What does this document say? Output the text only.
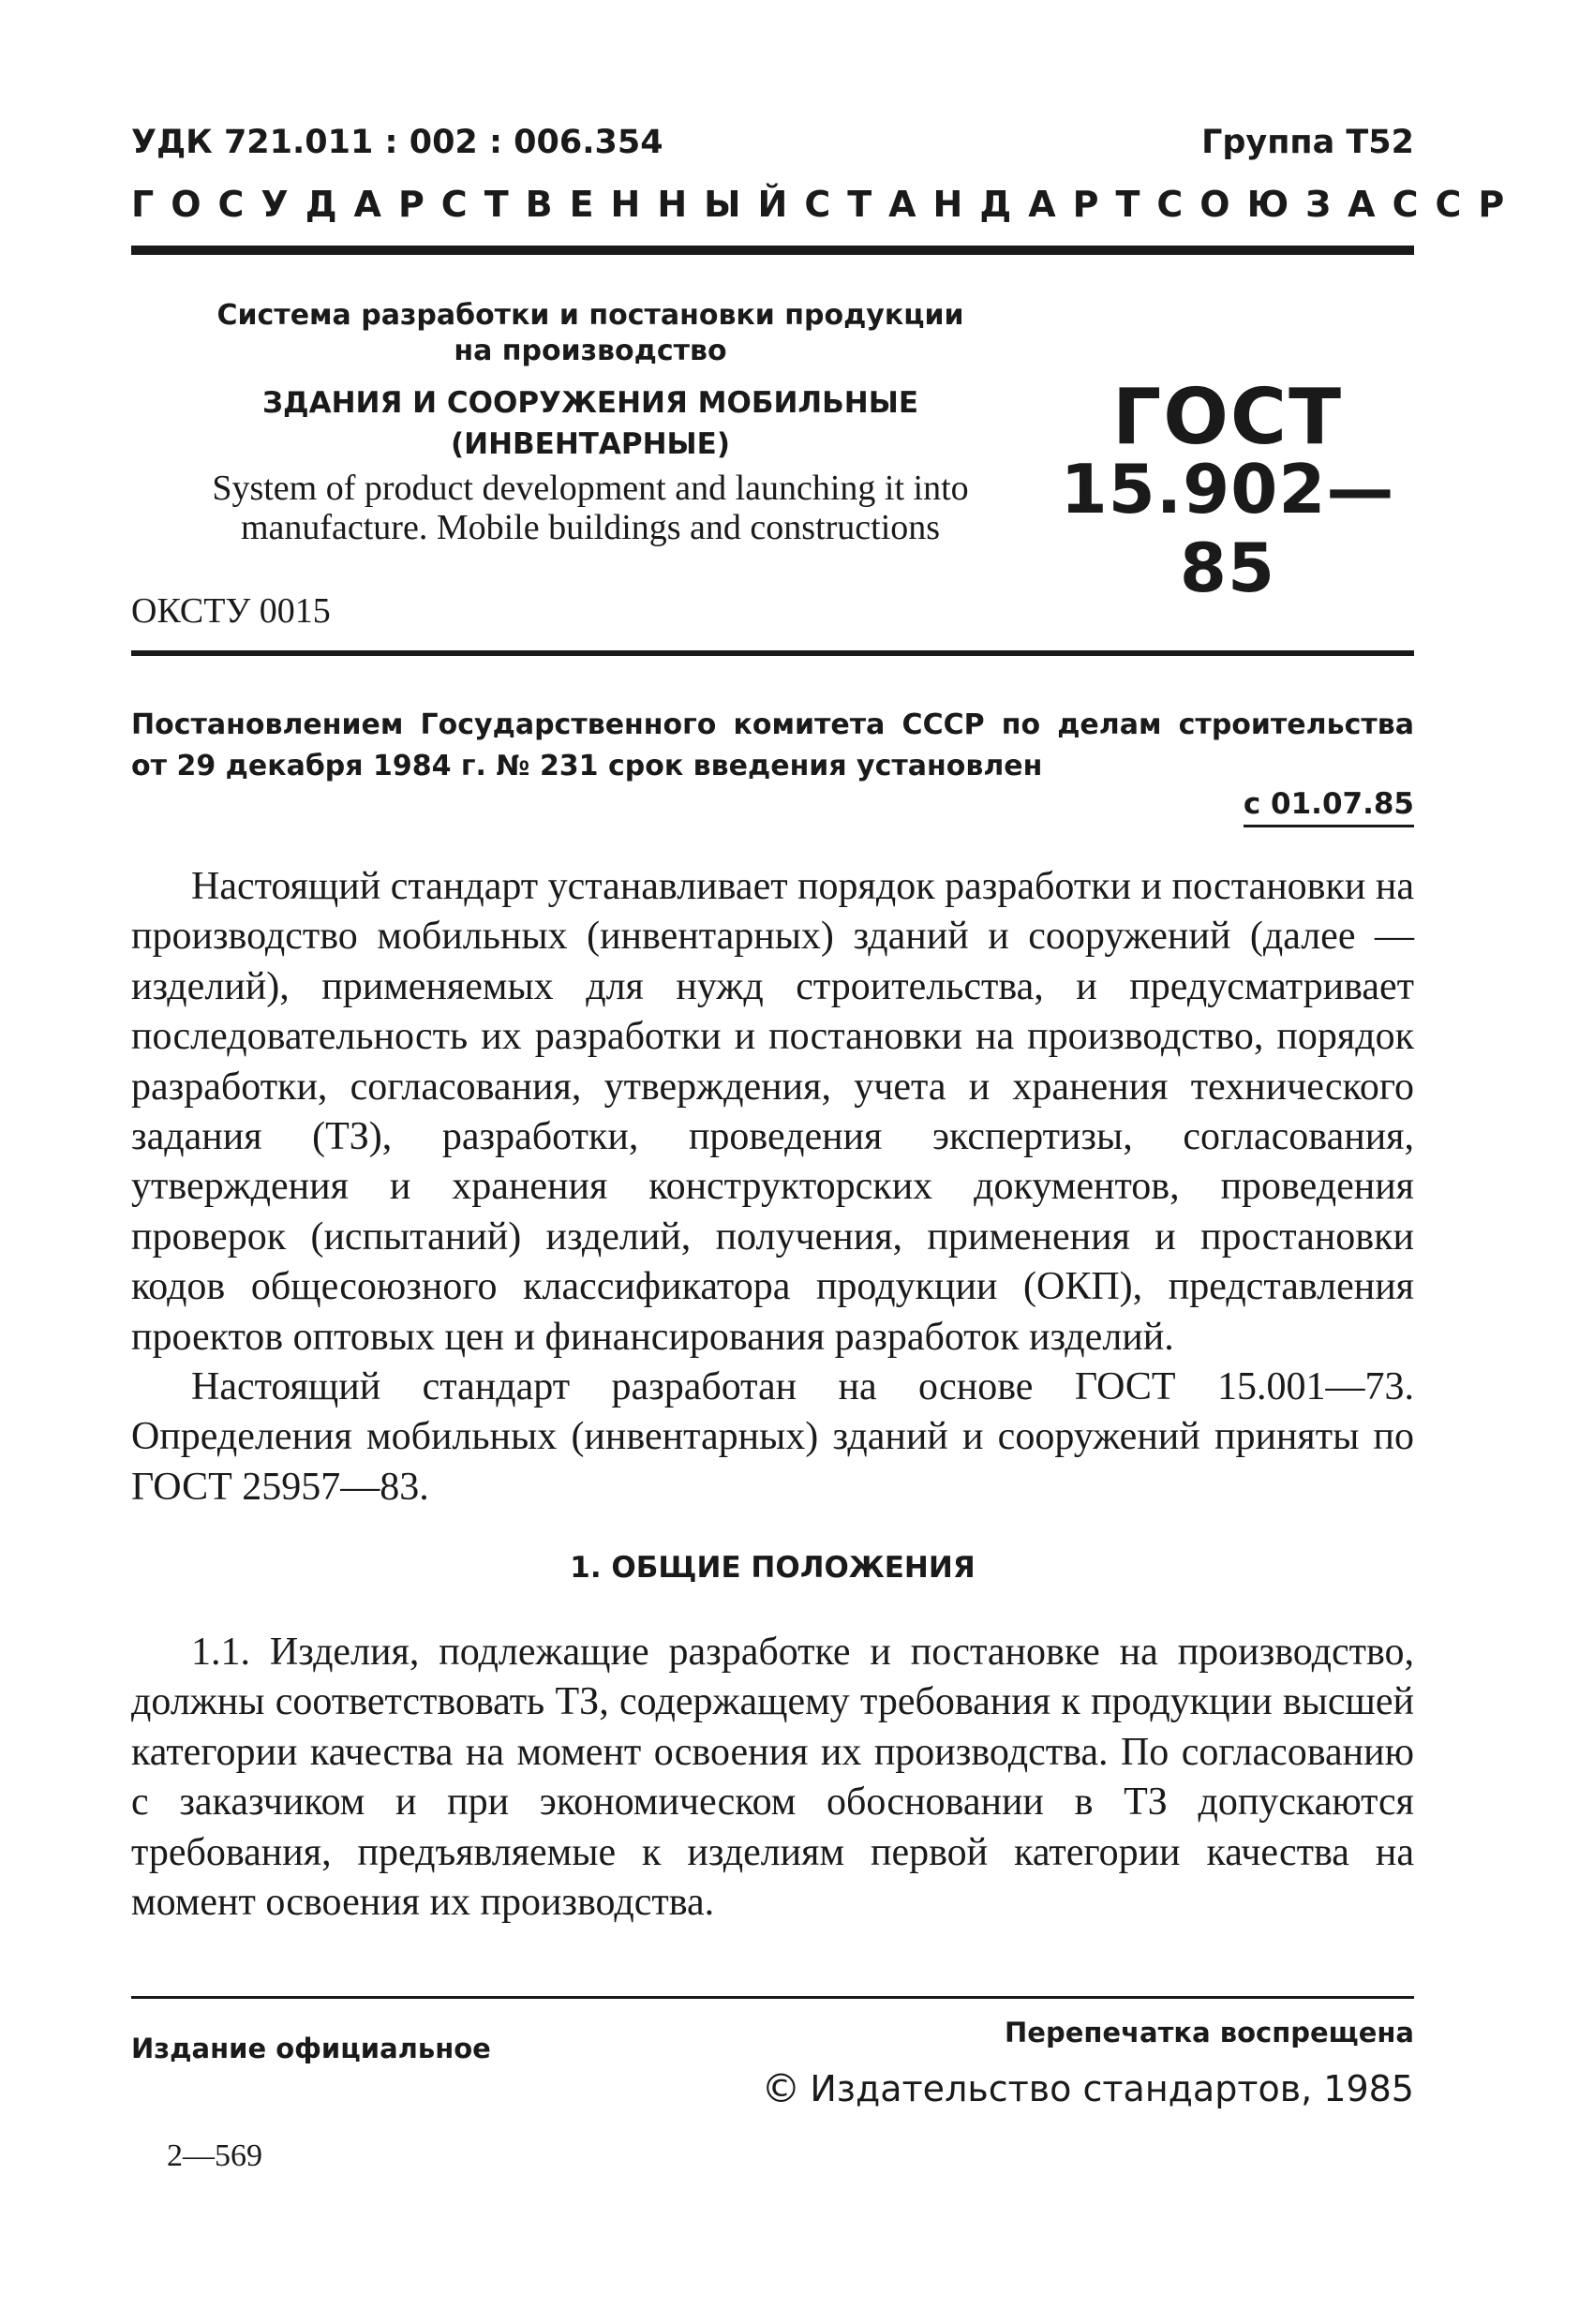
УДК 721.011 : 002 : 006.354	Группа Т52
ГОСУДАРСТВЕННЫЙ СТАНДАРТ СОЮЗА ССР
Система разработки и постановки продукции
на производство
ЗДАНИЯ И СООРУЖЕНИЯ МОБИЛЬНЫЕ
(ИНВЕНТАРНЫЕ)
System of product development and launching it into
manufacture. Mobile buildings and constructions
ГОСТ
15.902—85
ОКСТУ 0015
Постановлением Государственного комитета СССР по делам строительства от 29 декабря 1984 г. № 231 срок введения установлен
с 01.07.85

Настоящий стандарт устанавливает порядок разработки и постановки на производство мобильных (инвентарных) зданий и сооружений (далее — изделий), применяемых для нужд строительства, и предусматривает последовательность их разработки и постановки на производство, порядок разработки, согласования, утверждения, учета и хранения технического задания (ТЗ), разработки, проведения экспертизы, согласования, утверждения и хранения конструкторских документов, проведения проверок (испытаний) изделий, получения, применения и простановки кодов общесоюзного классификатора продукции (ОКП), представления проектов оптовых цен и финансирования разработок изделий.

Настоящий стандарт разработан на основе ГОСТ 15.001—73. Определения мобильных (инвентарных) зданий и сооружений приняты по ГОСТ 25957—83.

1. ОБЩИЕ ПОЛОЖЕНИЯ

1.1. Изделия, подлежащие разработке и постановке на производство, должны соответствовать ТЗ, содержащему требования к продукции высшей категории качества на момент освоения их производства. По согласованию с заказчиком и при экономическом обосновании в ТЗ допускаются требования, предъявляемые к изделиям первой категории качества на момент освоения их производства.

Издание официальное	Перепечатка воспрещена
© Издательство стандартов, 1985
2—569
